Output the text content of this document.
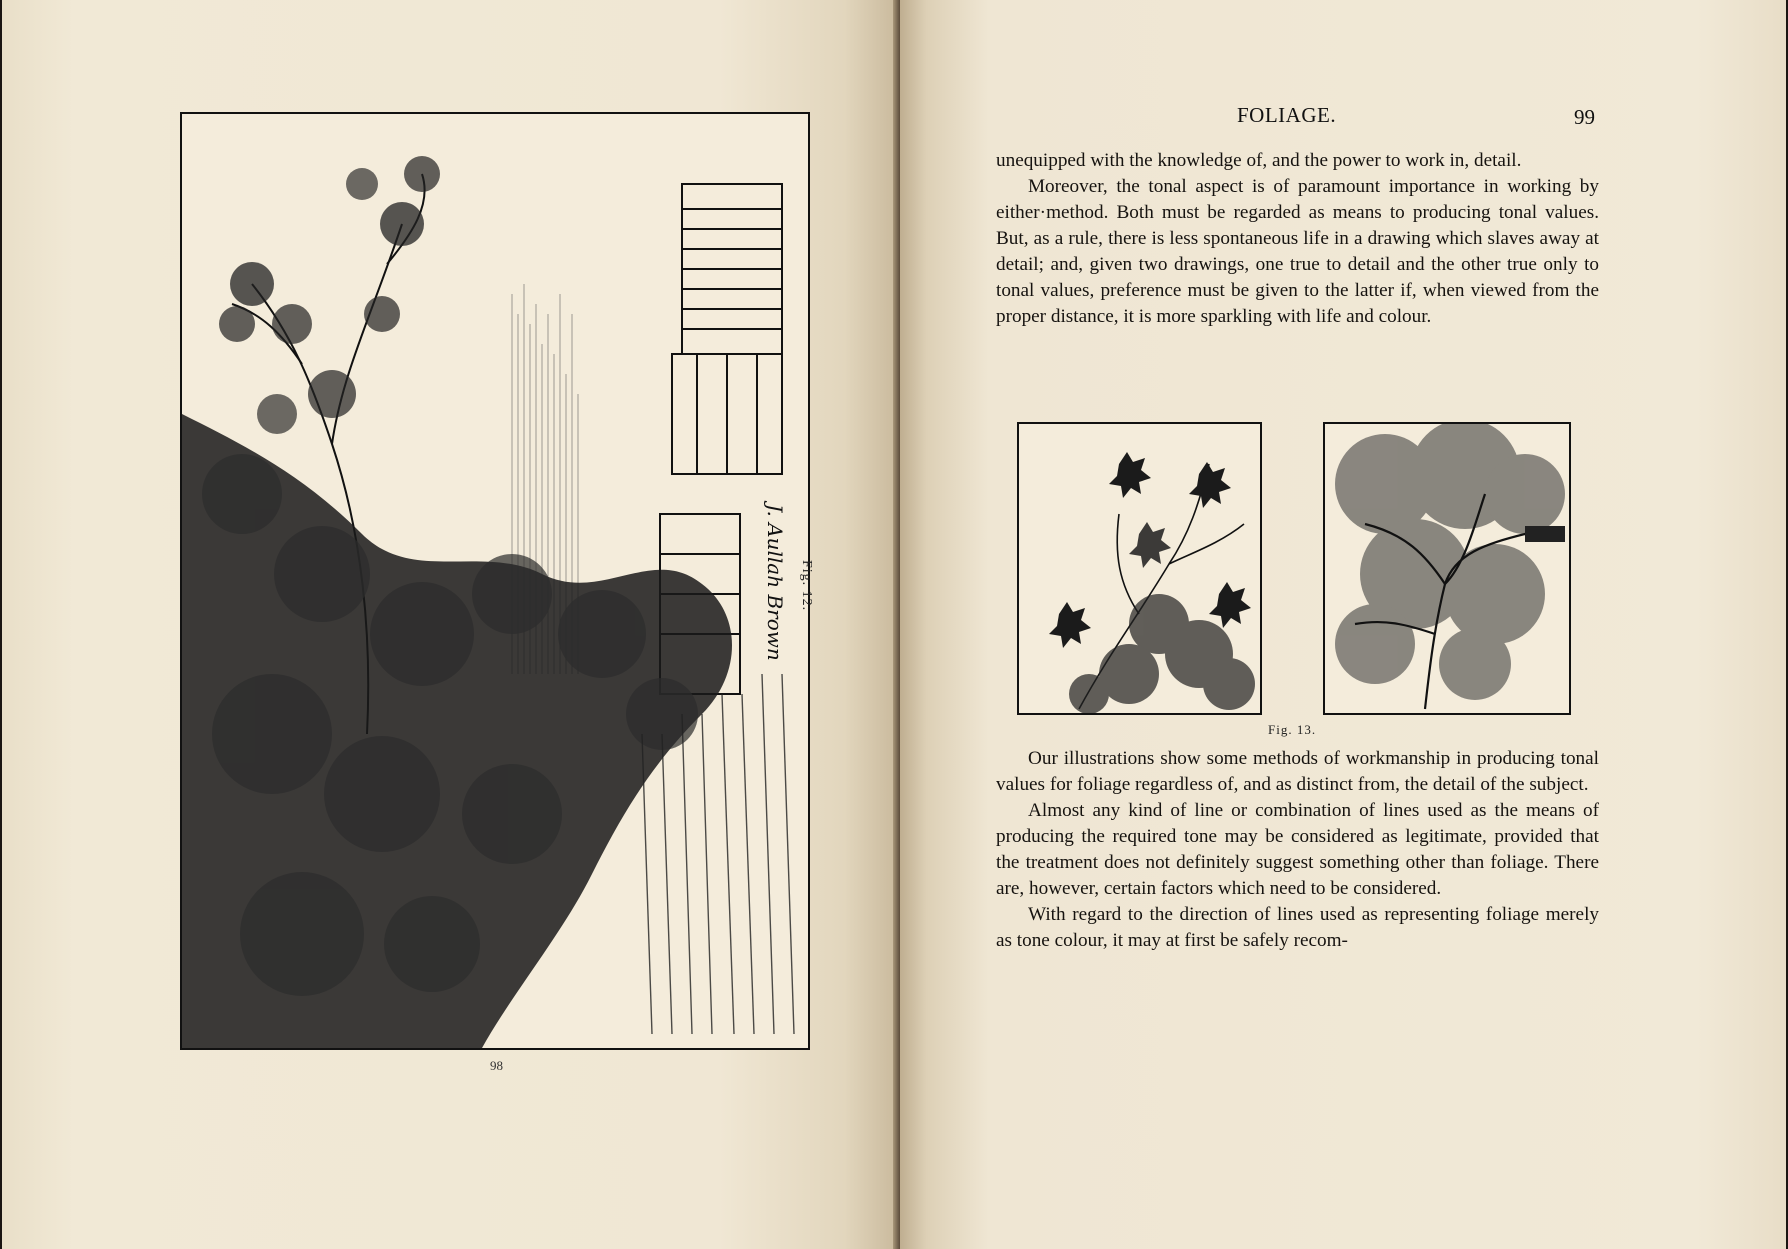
J. Aullah Brown Fig. 12.
98
FOLIAGE.	99

unequipped with the knowledge of, and the power to work in, detail.

Moreover, the tonal aspect is of paramount importance in working by either·method. Both must be regarded as means to producing tonal values. But, as a rule, there is less spontaneous life in a drawing which slaves away at detail; and, given two drawings, one true to detail and the other true only to tonal values, preference must be given to the latter if, when viewed from the proper distance, it is more sparkling with life and colour.

Fig. 13.

Our illustrations show some methods of workmanship in producing tonal values for foliage regardless of, and as distinct from, the detail of the subject.

Almost any kind of line or combination of lines used as the means of producing the required tone may be considered as legitimate, provided that the treatment does not definitely suggest something other than foliage. There are, however, certain factors which need to be considered.

With regard to the direction of lines used as representing foliage merely as tone colour, it may at first be safely recom-
